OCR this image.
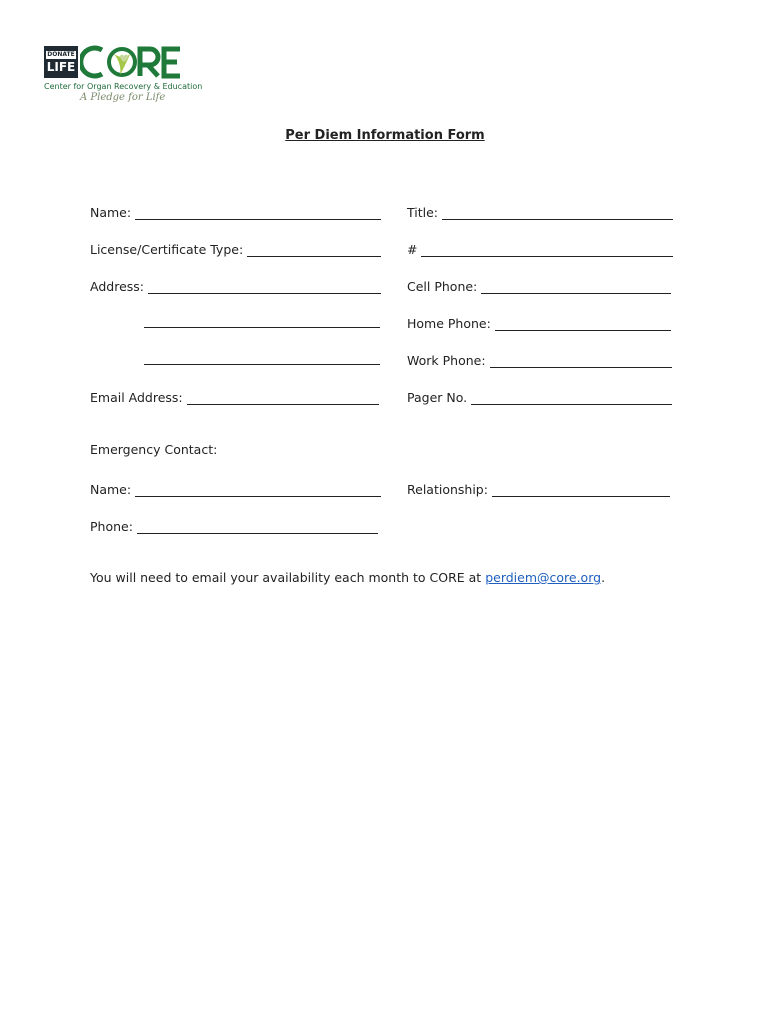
DONATE
LIFE
Center for Organ Recovery & Education
A Pledge for Life
Per Diem Information Form
Name:
License/Certificate Type:
Address:
Email Address:
Title:
#
Cell Phone:
Home Phone:
Work Phone:
Pager No.
Emergency Contact:
Name:	Relationship:
Phone:
You will need to email your availability each month to CORE at perdiem@core.org.
